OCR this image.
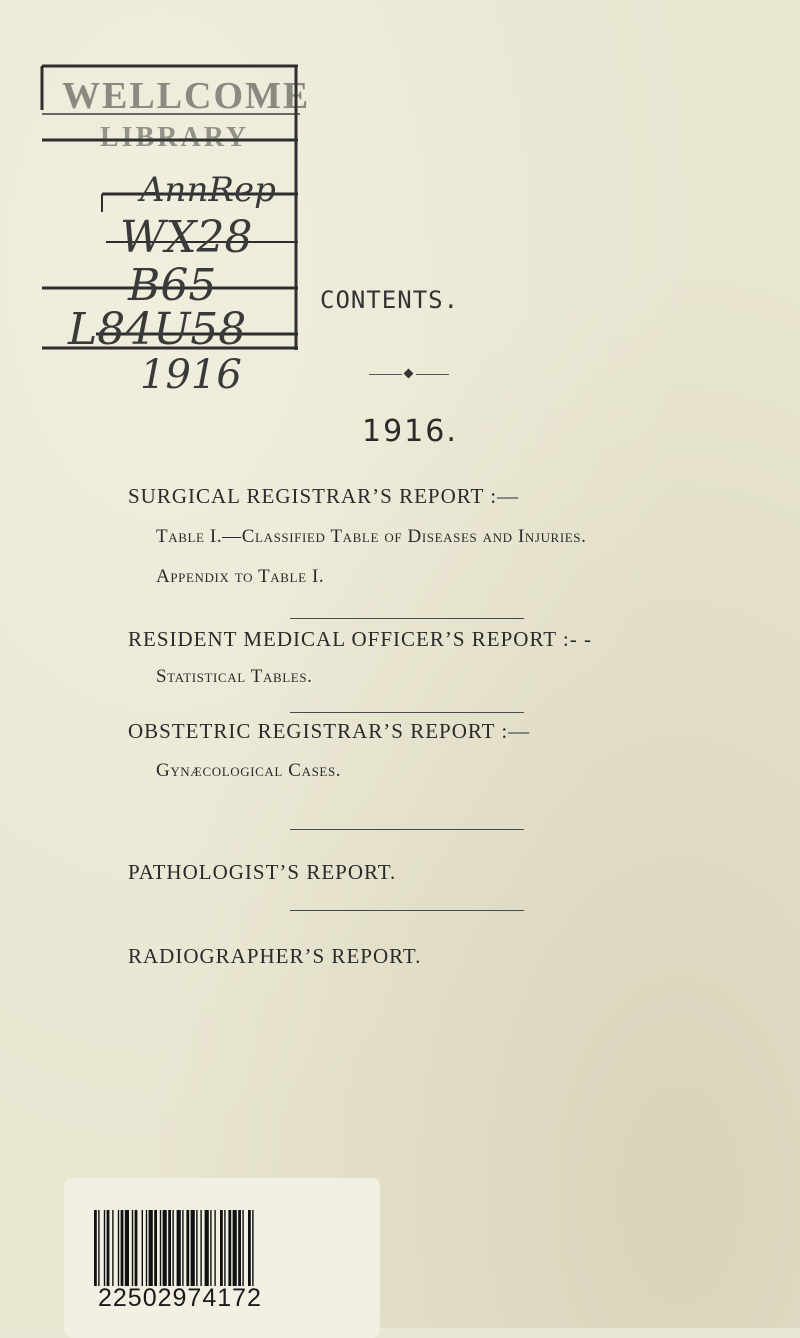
WELLCOME
LIBRARY
AnnRep
WX28
B65
L84U58
1916
CONTENTS.
1916.
SURGICAL REGISTRAR’S REPORT :—
Table I.—Classified Table of Diseases and Injuries.
Appendix to Table I.
RESIDENT MEDICAL OFFICER’S REPORT :- -
Statistical Tables.
OBSTETRIC REGISTRAR’S REPORT :—
Gynæcological Cases.
PATHOLOGIST’S REPORT.
RADIOGRAPHER’S REPORT.
22502974172
